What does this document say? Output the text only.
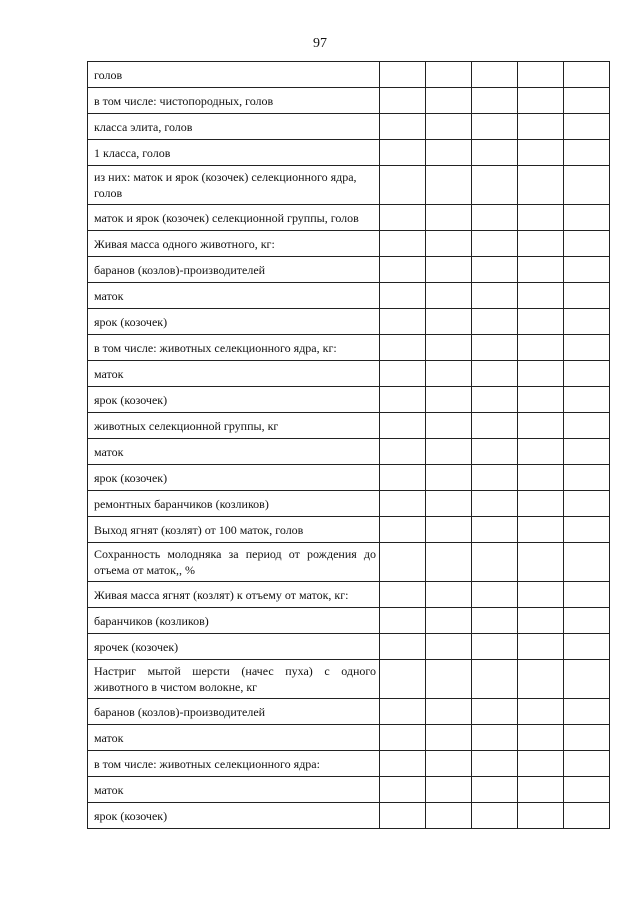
97
голов					
в том числе: чистопородных, голов					
класса элита, голов					
1 класса, голов					
из них: маток и ярок (козочек) селекционного ядра, голов					
маток и ярок (козочек) селекционной группы, голов					
Живая масса одного животного, кг:					
баранов (козлов)-производителей					
маток					
ярок (козочек)					
в том числе: животных селекционного ядра, кг:					
маток					
ярок (козочек)					
животных селекционной группы, кг					
маток					
ярок (козочек)					
ремонтных баранчиков (козликов)					
Выход ягнят (козлят) от 100 маток, голов					
Сохранность молодняка за период от рождения до отъема от маток,, %					
Живая масса ягнят (козлят) к отъему от маток, кг:					
баранчиков (козликов)					
ярочек (козочек)					
Настриг мытой шерсти (начес пуха) с одного животного в чистом волокне, кг					
баранов (козлов)-производителей					
маток					
в том числе: животных селекционного ядра:					
маток					
ярок (козочек)					
